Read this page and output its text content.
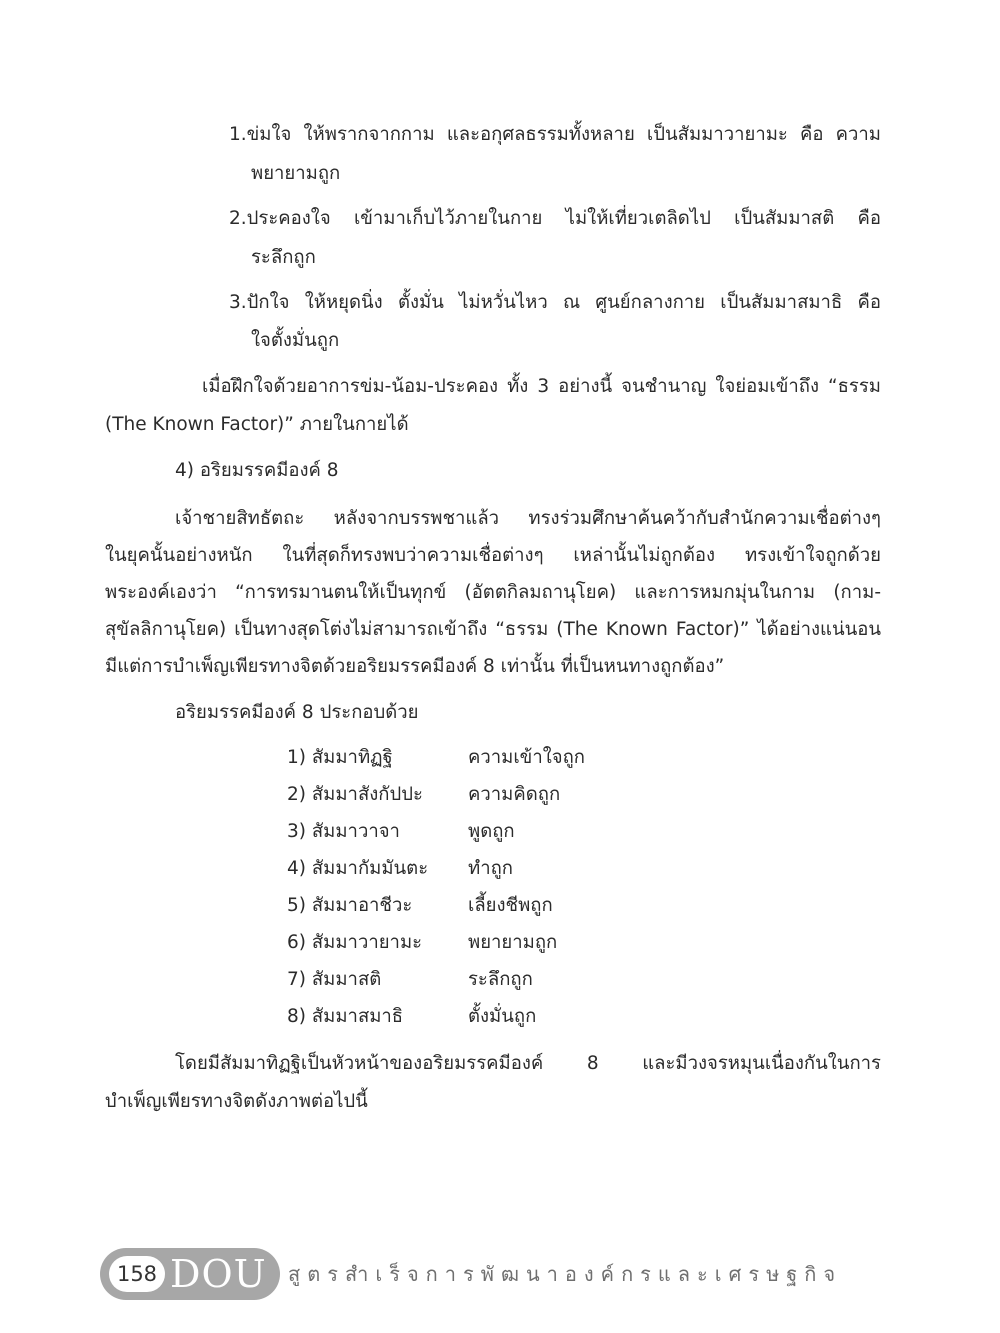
1.ข่มใจ ให้พรากจากกาม และอกุศลธรรมทั้งหลาย เป็นสัมมาวายามะ คือ ความ

พยายามถูก

2.ประคองใจ เข้ามาเก็บไว้ภายในกาย ไม่ให้เที่ยวเตลิดไป เป็นสัมมาสติ คือ

ระลึกถูก

3.ปักใจ ให้หยุดนิ่ง ตั้งมั่น ไม่หวั่นไหว ณ ศูนย์กลางกาย เป็นสัมมาสมาธิ คือ

ใจตั้งมั่นถูก

เมื่อฝึกใจด้วยอาการข่ม-น้อม-ประคอง ทั้ง 3 อย่างนี้ จนชำนาญ ใจย่อมเข้าถึง “ธรรม

(The Known Factor)” ภายในกายได้

4) อริยมรรคมีองค์ 8

เจ้าชายสิทธัตถะ หลังจากบรรพชาแล้ว ทรงร่วมศึกษาค้นคว้ากับสำนักความเชื่อต่างๆ

ในยุคนั้นอย่างหนัก ในที่สุดก็ทรงพบว่าความเชื่อต่างๆ เหล่านั้นไม่ถูกต้อง ทรงเข้าใจถูกด้วย

พระองค์เองว่า “การทรมานตนให้เป็นทุกข์ (อัตตกิลมถานุโยค) และการหมกมุ่นในกาม (กาม-

สุขัลลิกานุโยค) เป็นทางสุดโต่งไม่สามารถเข้าถึง “ธรรม (The Known Factor)” ได้อย่างแน่นอน

มีแต่การบำเพ็ญเพียรทางจิตด้วยอริยมรรคมีองค์ 8 เท่านั้น ที่เป็นหนทางถูกต้อง”

อริยมรรคมีองค์ 8 ประกอบด้วย

1) สัมมาทิฏฐิ	ความเข้าใจถูก
2) สัมมาสังกัปปะ ความคิดถูก
3) สัมมาวาจา	พูดถูก
4) สัมมากัมมันตะ ทำถูก
5) สัมมาอาชีวะ	เลี้ยงชีพถูก
6) สัมมาวายามะ พยายามถูก
7) สัมมาสติ	ระลึกถูก
8) สัมมาสมาธิ	ตั้งมั่นถูก

โดยมีสัมมาทิฏฐิเป็นหัวหน้าของอริยมรรคมีองค์ 8 และมีวงจรหมุนเนื่องกันในการ

บำเพ็ญเพียรทางจิตดังภาพต่อไปนี้

158 DOU สูตรสำเร็จการพัฒนาองค์กรและเศรษฐกิจ
